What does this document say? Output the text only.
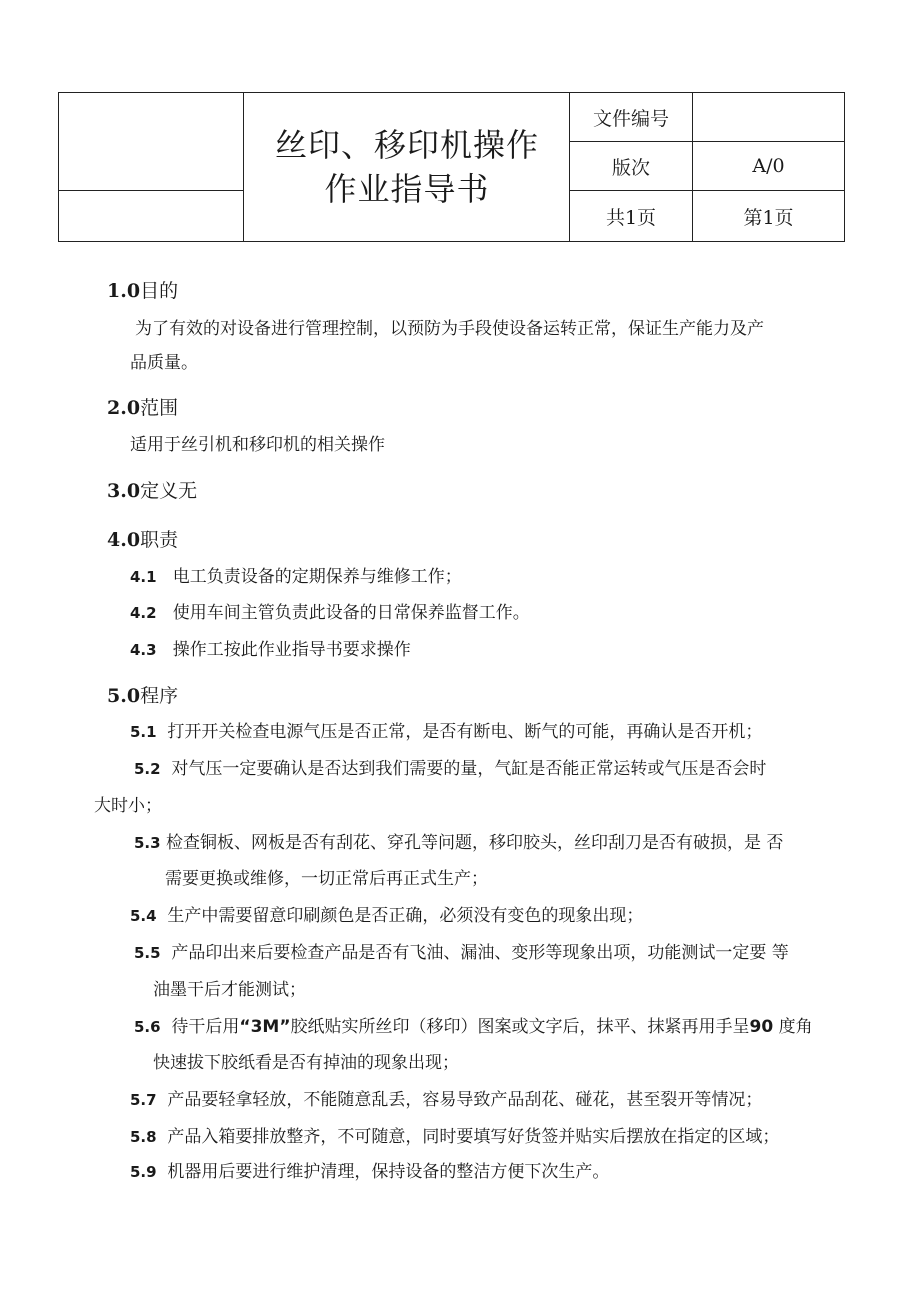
丝印、移印机操作
作业指导书
文件编号
版次	A/0
共1页	第1页
1.0目的
为了有效的对设备进行管理控制，以预防为手段使设备运转正常，保证生产能力及产
品质量。
2.0范围
适用于丝引机和移印机的相关操作
3.0定义无
4.0职责
4.1 电工负责设备的定期保养与维修工作；
4.2 使用车间主管负责此设备的日常保养监督工作。
4.3 操作工按此作业指导书要求操作
5.0程序
5.1 打开开关检查电源气压是否正常，是否有断电、断气的可能，再确认是否开机；
5.2 对气压一定要确认是否达到我们需要的量，气缸是否能正常运转或气压是否会时
大时小；
5.3 检查铜板、网板是否有刮花、穿孔等问题，移印胶头，丝印刮刀是否有破损，是 否
需要更换或维修，一切正常后再正式生产；
5.4 生产中需要留意印刷颜色是否正确，必须没有变色的现象出现；
5.5 产品印出来后要检查产品是否有飞油、漏油、变形等现象出项，功能测试一定要 等
油墨干后才能测试；
5.6 待干后用“3M”胶纸贴实所丝印（移印）图案或文字后，抹平、抹紧再用手呈90 度角
快速拔下胶纸看是否有掉油的现象出现；
5.7 产品要轻拿轻放，不能随意乱丢，容易导致产品刮花、碰花，甚至裂开等情况；
5.8 产品入箱要排放整齐，不可随意，同时要填写好货签并贴实后摆放在指定的区域；
5.9 机器用后要进行维护清理，保持设备的整洁方便下次生产。
